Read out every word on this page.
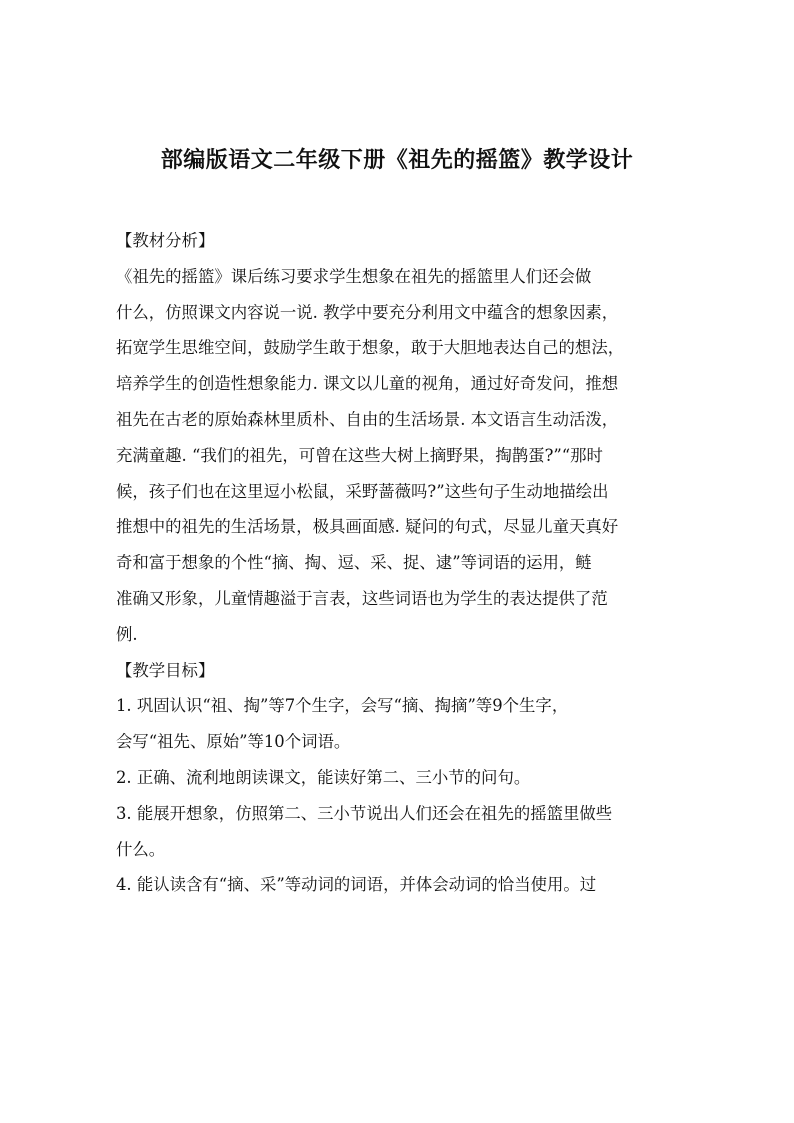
部编版语文二年级下册《祖先的摇篮》教学设计
【教材分析】
《祖先的摇篮》课后练习要求学生想象在祖先的摇篮里人们还会做
什么，仿照课文内容说一说. 教学中要充分利用文中蕴含的想象因素，
拓宽学生思维空间，鼓励学生敢于想象，敢于大胆地表达自己的想法，
培养学生的创造性想象能力. 课文以儿童的视角，通过好奇发问，推想
祖先在古老的原始森林里质朴、自由的生活场景. 本文语言生动活泼，
充满童趣. “我们的祖先，可曾在这些大树上摘野果，掏鹊蛋?”“那时
候，孩子们也在这里逗小松鼠，采野蔷薇吗?”这些句子生动地描绘出
推想中的祖先的生活场景，极具画面感. 疑问的句式，尽显儿童天真好
奇和富于想象的个性“摘、掏、逗、采、捉、逮”等词语的运用，鲢
准确又形象，儿童情趣溢于言表，这些词语也为学生的表达提供了范
例.
【教学目标】
1. 巩固认识“祖、掏”等7个生字，会写“摘、掏摘”等9个生字，
会写“祖先、原始”等10个词语。
2. 正确、流利地朗读课文，能读好第二、三小节的问句。
3. 能展开想象，仿照第二、三小节说出人们还会在祖先的摇篮里做些
什么。
4. 能认读含有“摘、采”等动词的词语，并体会动词的恰当使用。过
